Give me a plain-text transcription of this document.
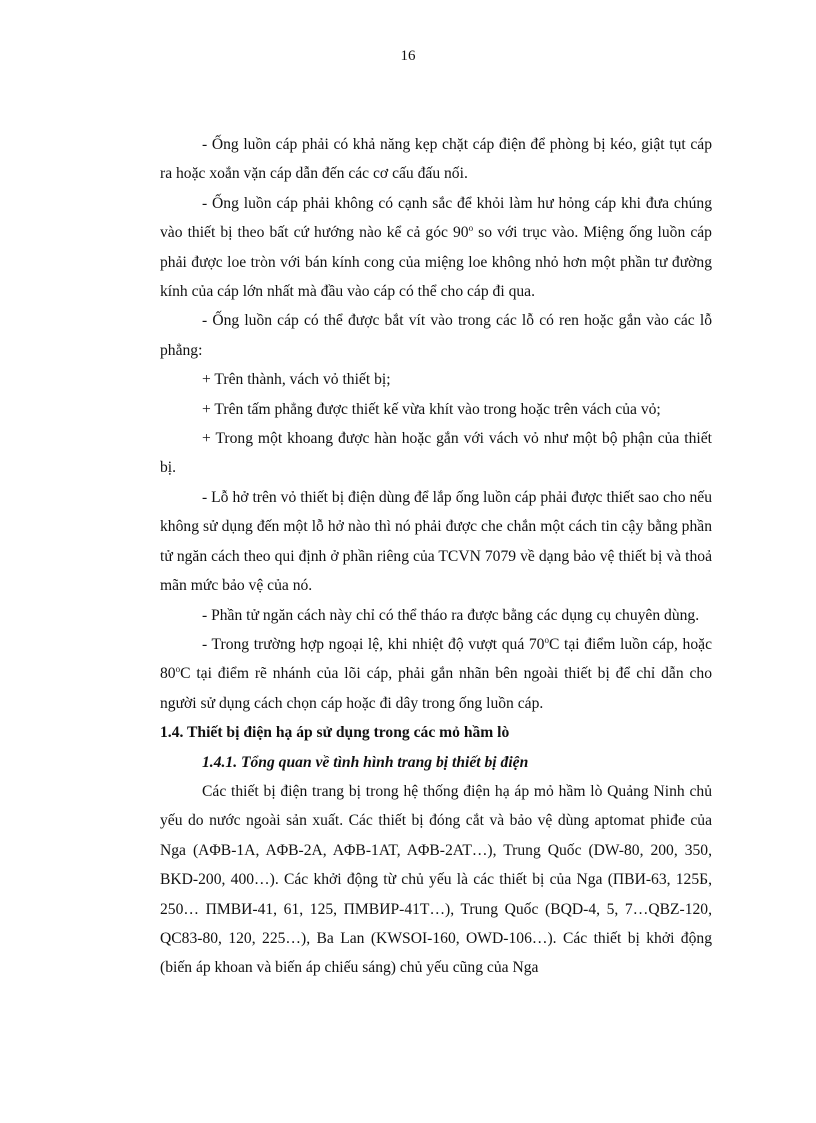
16

- Ống luồn cáp phải có khả năng kẹp chặt cáp điện để phòng bị kéo, giật tụt cáp ra hoặc xoắn vặn cáp dẫn đến các cơ cấu đấu nối.

- Ống luồn cáp phải không có cạnh sắc để khỏi làm hư hỏng cáp khi đưa chúng vào thiết bị theo bất cứ hướng nào kể cả góc 90$^o$ so với trục vào. Miệng ống luồn cáp phải được loe tròn với bán kính cong của miệng loe không nhỏ hơn một phần tư đường kính của cáp lớn nhất mà đầu vào cáp có thể cho cáp đi qua.

- Ống luồn cáp có thể được bắt vít vào trong các lỗ có ren hoặc gắn vào các lỗ phẳng:

+ Trên thành, vách vỏ thiết bị;

+ Trên tấm phẳng được thiết kế vừa khít vào trong hoặc trên vách của vỏ;

+ Trong một khoang được hàn hoặc gắn với vách vỏ như một bộ phận của thiết bị.

- Lỗ hở trên vỏ thiết bị điện dùng để lắp ống luồn cáp phải được thiết sao cho nếu không sử dụng đến một lỗ hở nào thì nó phải được che chắn một cách tin cậy bằng phần tử ngăn cách theo qui định ở phần riêng của TCVN 7079 về dạng bảo vệ thiết bị và thoả mãn mức bảo vệ của nó.

- Phần tử ngăn cách này chỉ có thể tháo ra được bằng các dụng cụ chuyên dùng.

- Trong trường hợp ngoại lệ, khi nhiệt độ vượt quá 70$^o$C tại điểm luồn cáp, hoặc 80$^o$C tại điểm rẽ nhánh của lõi cáp, phải gắn nhãn bên ngoài thiết bị để chỉ dẫn cho người sử dụng cách chọn cáp hoặc đi dây trong ống luồn cáp.

1.4. Thiết bị điện hạ áp sử dụng trong các mỏ hầm lò

1.4.1. Tổng quan về tình hình trang bị thiết bị điện

Các thiết bị điện trang bị trong hệ thống điện hạ áp mỏ hầm lò Quảng Ninh chủ yếu do nước ngoài sản xuất. Các thiết bị đóng cắt và bảo vệ dùng aptomat phiđe của Nga (AΦB-1A, AΦB-2A, AΦB-1AT, AΦB-2AT…), Trung Quốc (DW-80, 200, 350, BKD-200, 400…). Các khởi động từ chủ yếu là các thiết bị của Nga (ПВИ-63, 125Б, 250… ПМВИ-41, 61, 125, ПМВИР-41T…), Trung Quốc (BQD-4, 5, 7…QBZ-120, QC83-80, 120, 225…), Ba Lan (KWSOI-160, OWD-106…). Các thiết bị khởi động (biến áp khoan và biến áp chiếu sáng) chủ yếu cũng của Nga
